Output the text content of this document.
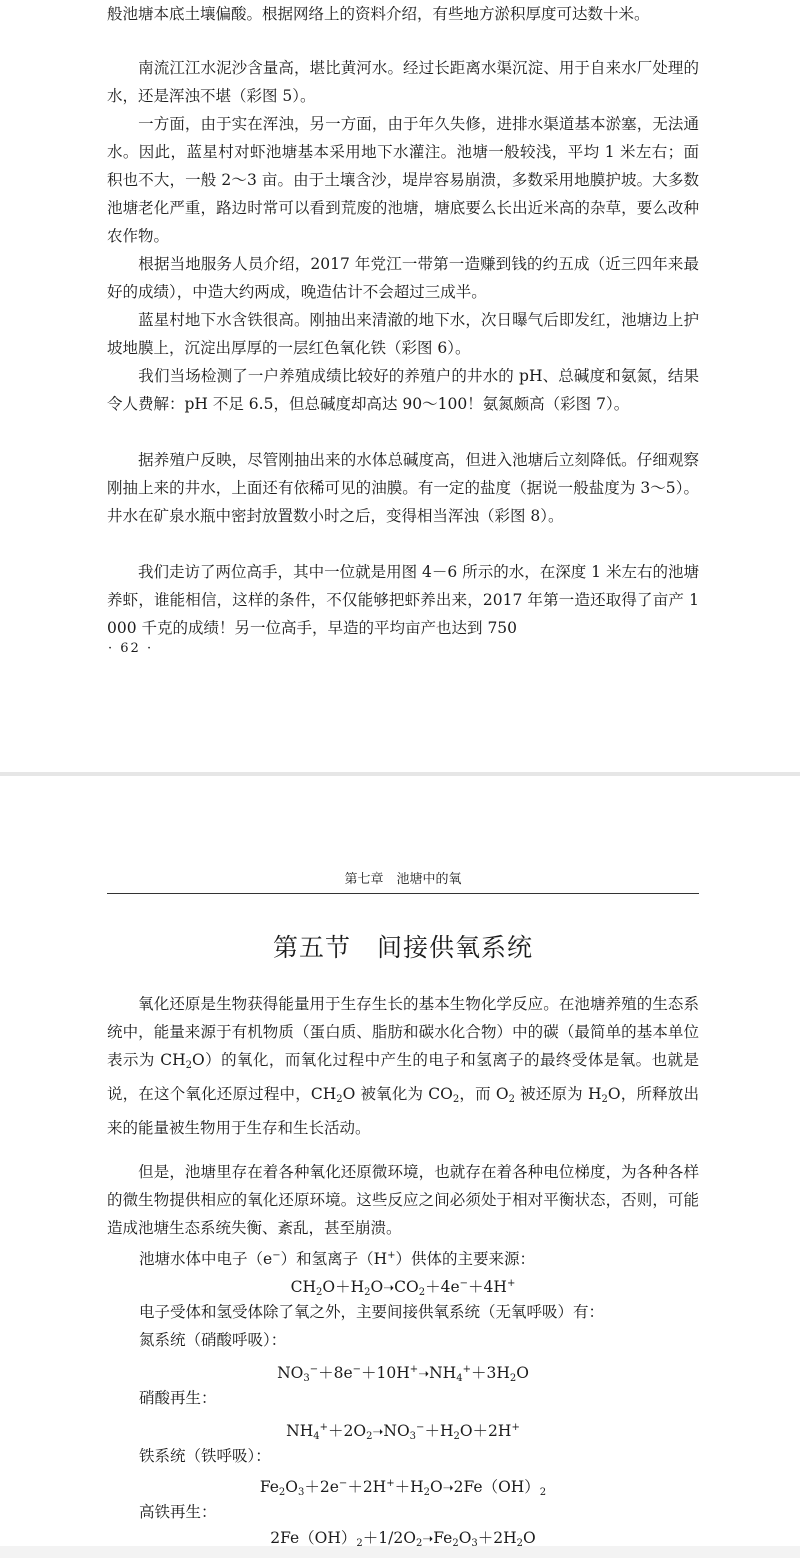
般池塘本底土壤偏酸。根据网络上的资料介绍，有些地方淤积厚度可达数十米。

　　南流江江水泥沙含量高，堪比黄河水。经过长距离水渠沉淀、用于自来水厂处理的水，还是浑浊不堪（彩图 5）。

　　一方面，由于实在浑浊，另一方面，由于年久失修，进排水渠道基本淤塞，无法通水。因此，蓝星村对虾池塘基本采用地下水灌注。池塘一般较浅，平均 1 米左右；面积也不大，一般 2～3 亩。由于土壤含沙，堤岸容易崩溃，多数采用地膜护坡。大多数池塘老化严重，路边时常可以看到荒废的池塘，塘底要么长出近米高的杂草，要么改种农作物。

　　根据当地服务人员介绍，2017 年党江一带第一造赚到钱的约五成（近三四年来最好的成绩），中造大约两成，晚造估计不会超过三成半。

　　蓝星村地下水含铁很高。刚抽出来清澈的地下水，次日曝气后即发红，池塘边上护坡地膜上，沉淀出厚厚的一层红色氧化铁（彩图 6）。

　　我们当场检测了一户养殖成绩比较好的养殖户的井水的 pH、总碱度和氨氮，结果令人费解：pH 不足 6.5，但总碱度却高达 90～100！氨氮颇高（彩图 7）。

　　据养殖户反映，尽管刚抽出来的水体总碱度高，但进入池塘后立刻降低。仔细观察刚抽上来的井水，上面还有依稀可见的油膜。有一定的盐度（据说一般盐度为 3～5）。井水在矿泉水瓶中密封放置数小时之后，变得相当浑浊（彩图 8）。

　　我们走访了两位高手，其中一位就是用图 4－6 所示的水，在深度 1 米左右的池塘养虾，谁能相信，这样的条件，不仅能够把虾养出来，2017 年第一造还取得了亩产 1 000 千克的成绩！另一位高手，早造的平均亩产也达到 750

· 62 ·
第七章　池塘中的氧
第五节　间接供氧系统

　　氧化还原是生物获得能量用于生存生长的基本生物化学反应。在池塘养殖的生态系统中，能量来源于有机物质（蛋白质、脂肪和碳水化合物）中的碳（最简单的基本单位表示为 $CH_2O$）的氧化，而氧化过程中产生的电子和氢离子的最终受体是氧。也就是说，在这个氧化还原过程中，$CH_2O$ 被氧化为 $CO_2$，而 $O_2$ 被还原为 $H_2O$，所释放出来的能量被生物用于生存和生长活动。

　　但是，池塘里存在着各种氧化还原微环境，也就存在着各种电位梯度，为各种各样的微生物提供相应的氧化还原环境。这些反应之间必须处于相对平衡状态，否则，可能造成池塘生态系统失衡、紊乱，甚至崩溃。

池塘水体中电子（e−）和氢离子（H+）供体的主要来源：

$CH_2O+H_2O➝CO_2+4e^-+4H^+$

电子受体和氢受体除了氧之外，主要间接供氧系统（无氧呼吸）有：

氮系统（硝酸呼吸）：

$NO_3^-+8e^-+10H^+➝NH_4^++3H_2O$

硝酸再生：

$NH_4^++2O_2➝NO_3^-+H_2O+2H^+$

铁系统（铁呼吸）：

$Fe_2O_3+2e^-+2H^++H_2O➝2Fe(OH)_2$

高铁再生：

$2Fe(OH)_2+1/2O_2➝Fe_2O_3+2H_2O$
